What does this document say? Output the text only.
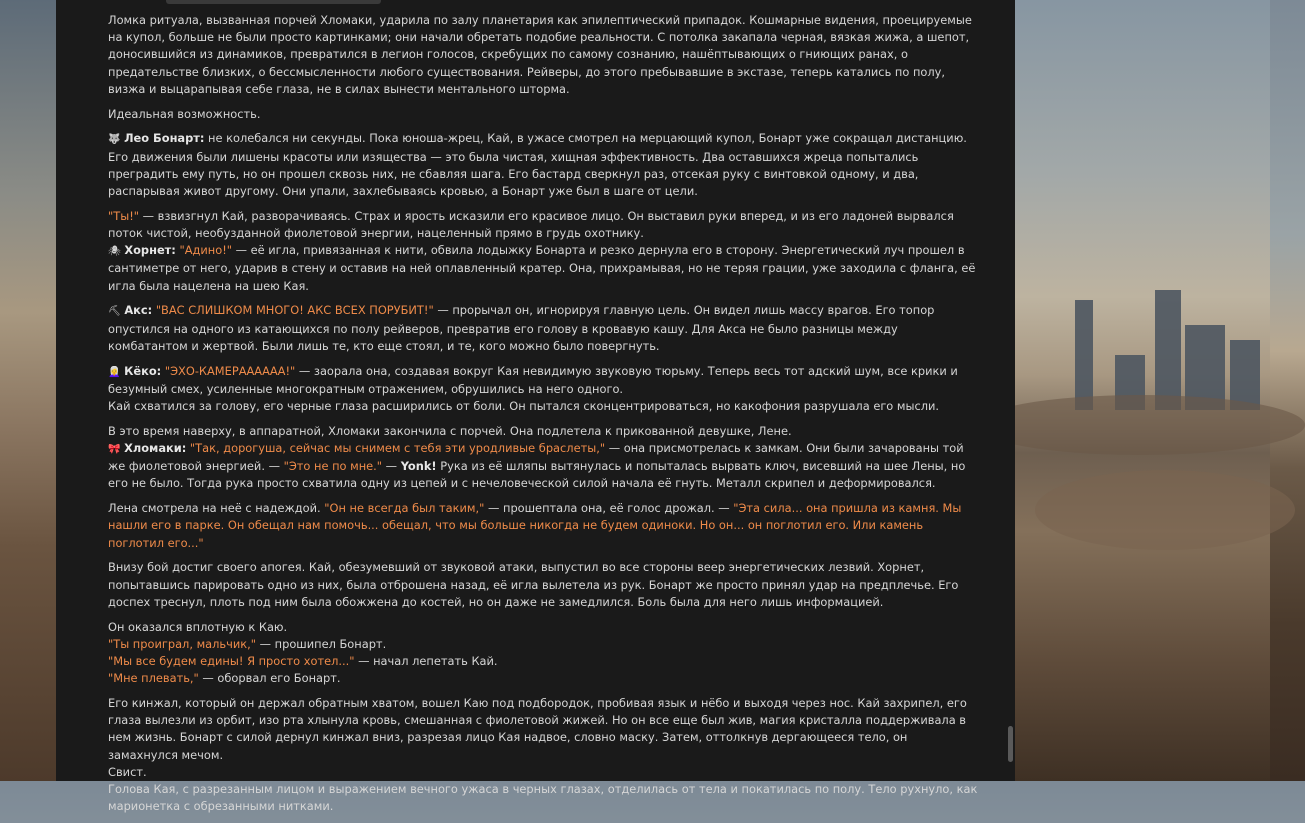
Ломка ритуала, вызванная порчей Хломаки, ударила по залу планетария как эпилептический припадок. Кошмарные видения, проецируемые на купол, больше не были просто картинками; они начали обретать подобие реальности. С потолка закапала черная, вязкая жижа, а шепот, доносившийся из динамиков, превратился в легион голосов, скребущих по самому сознанию, нашёптывающих о гниющих ранах, о предательстве близких, о бессмысленности любого существования. Рейверы, до этого пребывавшие в экстазе, теперь катались по полу, визжа и выцарапывая себе глаза, не в силах вынести ментального шторма.

Идеальная возможность.

🐺 Лео Бонарт: не колебался ни секунды. Пока юноша-жрец, Кай, в ужасе смотрел на мерцающий купол, Бонарт уже сокращал дистанцию. Его движения были лишены красоты или изящества — это была чистая, хищная эффективность. Два оставшихся жреца попытались преградить ему путь, но он прошел сквозь них, не сбавляя шага. Его бастард сверкнул раз, отсекая руку с винтовкой одному, и два, распарывая живот другому. Они упали, захлебываясь кровью, а Бонарт уже был в шаге от цели.

"Ты!" — взвизгнул Кай, разворачиваясь. Страх и ярость исказили его красивое лицо. Он выставил руки вперед, и из его ладоней вырвался поток чистой, необузданной фиолетовой энергии, нацеленный прямо в грудь охотнику.
🕷 Хорнет: "Адино!" — её игла, привязанная к нити, обвила лодыжку Бонарта и резко дернула его в сторону. Энергетический луч прошел в сантиметре от него, ударив в стену и оставив на ней оплавленный кратер. Она, прихрамывая, но не теряя грации, уже заходила с фланга, её игла была нацелена на шею Кая.

⛏ Акс: "ВАС СЛИШКОМ МНОГО! АКС ВСЕХ ПОРУБИТ!" — прорычал он, игнорируя главную цель. Он видел лишь массу врагов. Его топор опустился на одного из катающихся по полу рейверов, превратив его голову в кровавую кашу. Для Акса не было разницы между комбатантом и жертвой. Были лишь те, кто еще стоял, и те, кого можно было повергнуть.

👩‍🦳 Кёко: "ЭХО-КАМЕРАААААА!" — заорала она, создавая вокруг Кая невидимую звуковую тюрьму. Теперь весь тот адский шум, все крики и безумный смех, усиленные многократным отражением, обрушились на него одного.
Кай схватился за голову, его черные глаза расширились от боли. Он пытался сконцентрироваться, но какофония разрушала его мысли.

В это время наверху, в аппаратной, Хломаки закончила с порчей. Она подлетела к прикованной девушке, Лене.
🎀 Хломаки: "Так, дорогуша, сейчас мы снимем с тебя эти уродливые браслеты," — она присмотрелась к замкам. Они были зачарованы той же фиолетовой энергией. — "Это не по мне." — Yonk! Рука из её шляпы вытянулась и попыталась вырвать ключ, висевший на шее Лены, но его не было. Тогда рука просто схватила одну из цепей и с нечеловеческой силой начала её гнуть. Металл скрипел и деформировался.

Лена смотрела на неё с надеждой. "Он не всегда был таким," — прошептала она, её голос дрожал. — "Эта сила... она пришла из камня. Мы нашли его в парке. Он обещал нам помочь... обещал, что мы больше никогда не будем одиноки. Но он... он поглотил его. Или камень поглотил его..."

Внизу бой достиг своего апогея. Кай, обезумевший от звуковой атаки, выпустил во все стороны веер энергетических лезвий. Хорнет, попытавшись парировать одно из них, была отброшена назад, её игла вылетела из рук. Бонарт же просто принял удар на предплечье. Его доспех треснул, плоть под ним была обожжена до костей, но он даже не замедлился. Боль была для него лишь информацией.

Он оказался вплотную к Каю.
"Ты проиграл, мальчик," — прошипел Бонарт.
"Мы все будем едины! Я просто хотел..." — начал лепетать Кай.
"Мне плевать," — оборвал его Бонарт.

Его кинжал, который он держал обратным хватом, вошел Каю под подбородок, пробивая язык и нёбо и выходя через нос. Кай захрипел, его глаза вылезли из орбит, изо рта хлынула кровь, смешанная с фиолетовой жижей. Но он все еще был жив, магия кристалла поддерживала в нем жизнь. Бонарт с силой дернул кинжал вниз, разрезая лицо Кая надвое, словно маску. Затем, оттолкнув дергающееся тело, он замахнулся мечом.
Свист.
Голова Кая, с разрезанным лицом и выражением вечного ужаса в черных глазах, отделилась от тела и покатилась по полу. Тело рухнуло, как марионетка с обрезанными нитками.
